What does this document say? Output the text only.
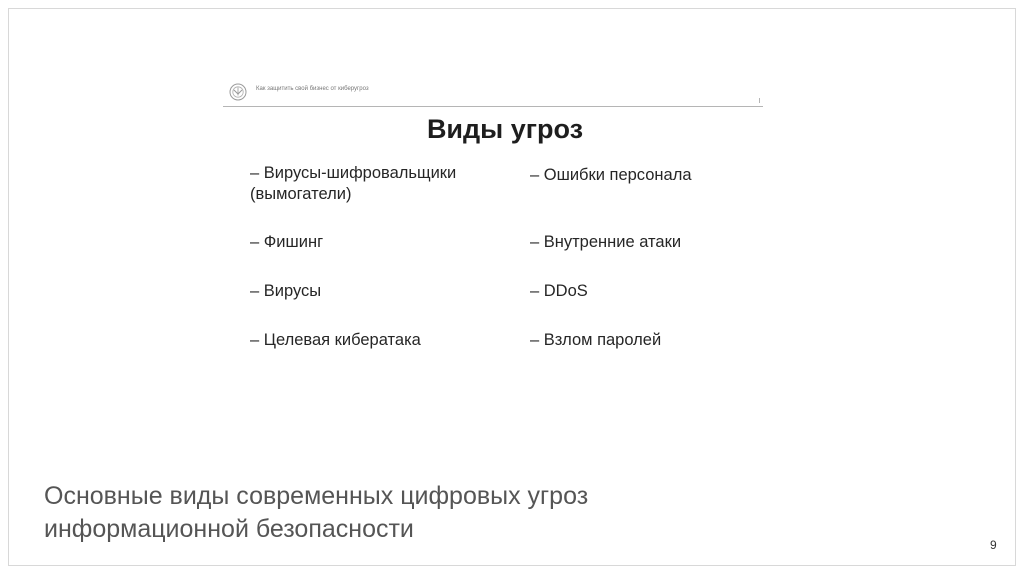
Как защитить свой бизнес от киберугроз
Виды угроз
– Вирусы-шифровальщики
(вымогатели)
– Фишинг
– Вирусы
– Целевая кибератака
– Ошибки персонала
– Внутренние атаки
– DDoS
– Взлом паролей
Основные виды современных цифровых угроз
информационной безопасности
9
